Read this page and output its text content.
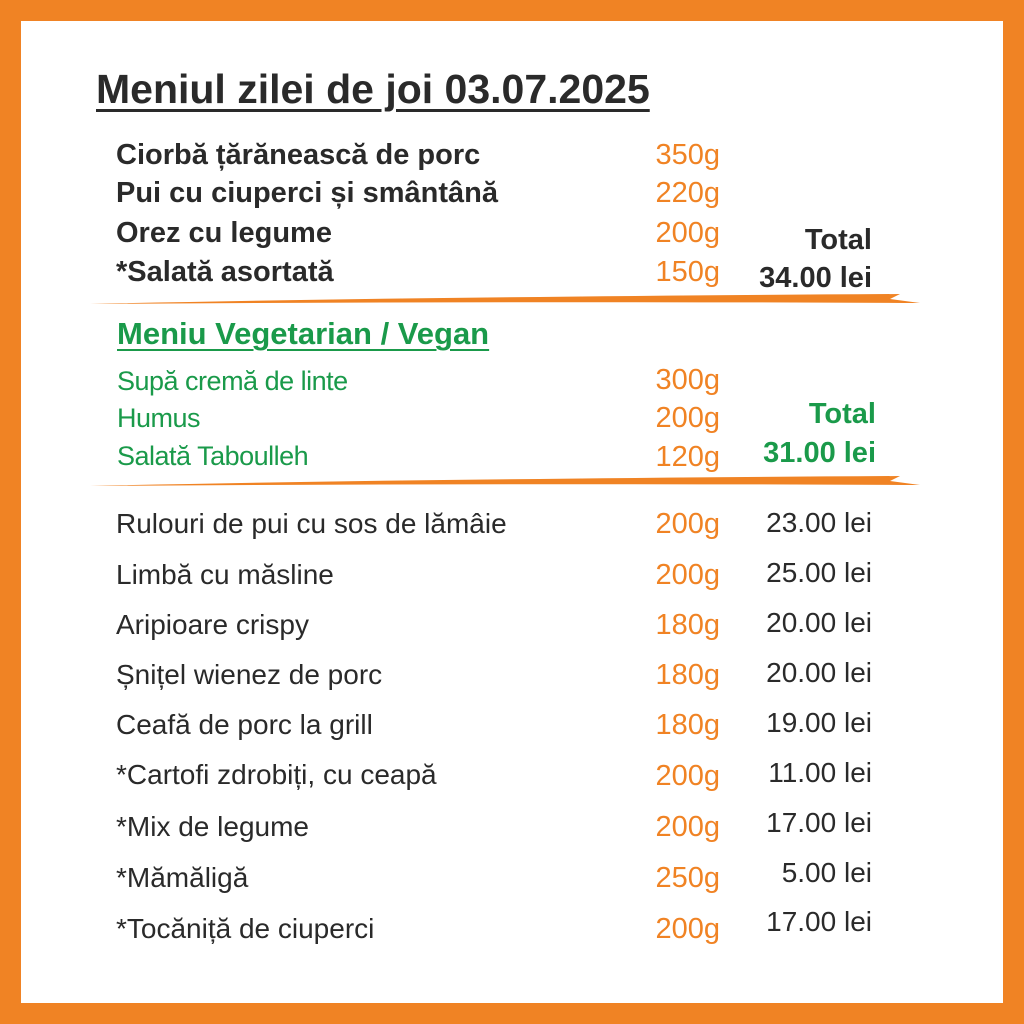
Meniul zilei de joi 03.07.2025
Ciorbă țărănească de porc	350g
Pui cu ciuperci și smântână	220g
Orez cu legume	200g
*Salată asortată	150g
Total
34.00 lei
Meniu Vegetarian / Vegan
Supă cremă de linte	300g
Humus	200g
Salată Taboulleh	120g
Total
31.00 lei
Rulouri de pui cu sos de lămâie	200g	23.00 lei
Limbă cu măsline	200g	25.00 lei
Aripioare crispy	180g	20.00 lei
Șnițel wienez de porc	180g	20.00 lei
Ceafă de porc la grill	180g	19.00 lei
*Cartofi zdrobiți, cu ceapă	200g	11.00 lei
*Mix de legume	200g	17.00 lei
*Mămăligă	250g	5.00 lei
*Tocăniță de ciuperci	200g	17.00 lei
